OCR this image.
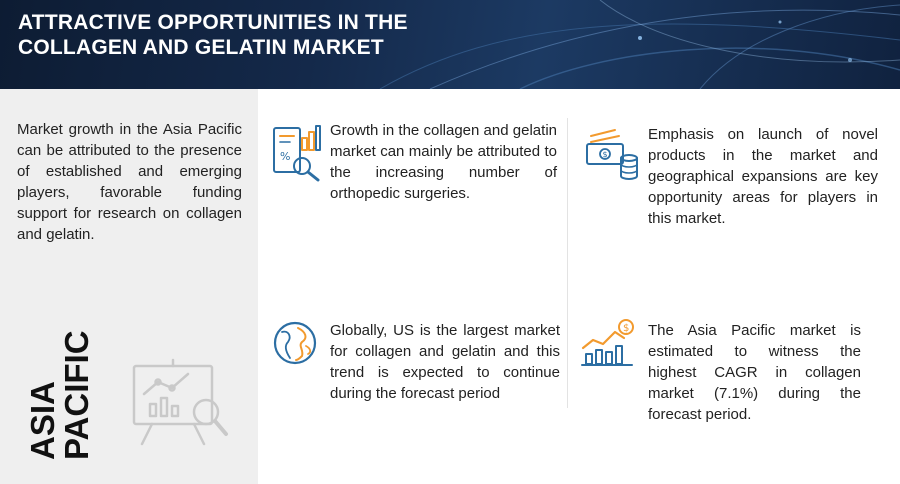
ATTRACTIVE OPPORTUNITIES IN THE
COLLAGEN AND GELATIN MARKET
Market growth in the Asia Pacific can be attributed to the presence of established and emerging players, favorable funding support for research on collagen and gelatin.
ASIA
PACIFIC
%
Growth in the collagen and gelatin market can mainly be attributed to the increasing number of orthopedic surgeries.
$
Emphasis on launch of novel products in the market and geographical expansions are key opportunity areas for players in this market.
Globally, US is the largest market for collagen and gelatin and this trend is expected to continue during the forecast period
$ The Asia Pacific market is estimated to witness the highest CAGR in collagen market (7.1%) during the forecast period.
